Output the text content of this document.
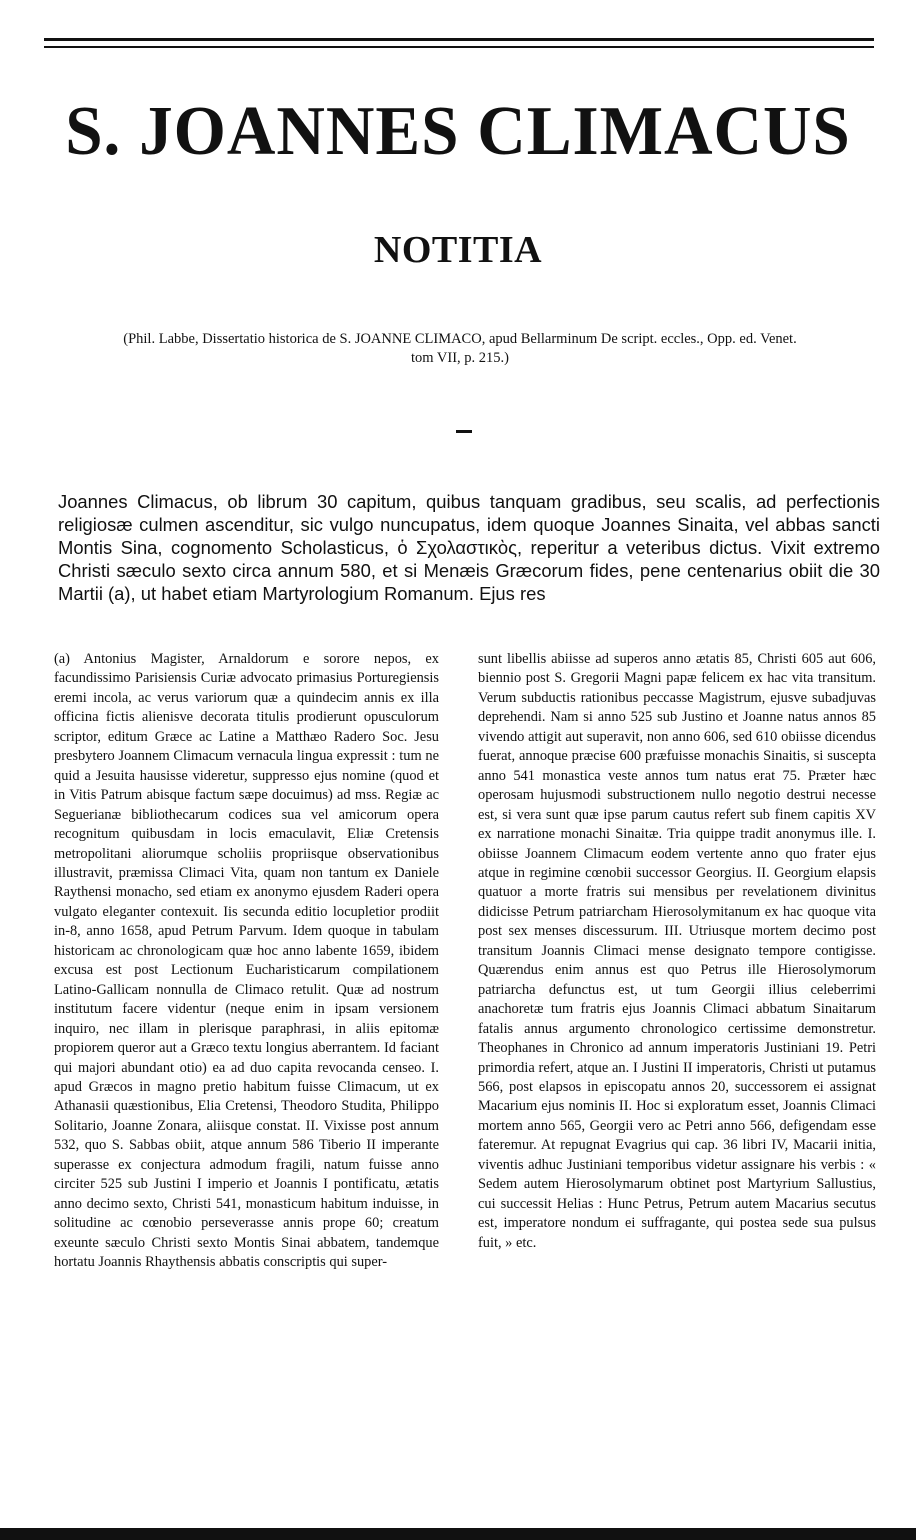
S. JOANNES CLIMACUS
NOTITIA
(Phil. Labbe, Dissertatio historica de S. JOANNE CLIMACO, apud Bellarminum De script. eccles., Opp. ed. Venet.
tom VII, p. 215.)

Joannes Climacus, ob librum 30 capitum, quibus tanquam gradibus, seu scalis, ad perfectionis religiosæ culmen ascenditur, sic vulgo nuncupatus, idem quoque Joannes Sinaita, vel abbas sancti Montis Sina, cognomento Scholasticus, ὁ Σχολαστικὸς, reperitur a veteribus dictus. Vixit extremo Christi sæculo sexto circa annum 580, et si Menæis Græcorum fides, pene centenarius obiit die 30 Martii (a), ut habet etiam Martyrologium Romanum. Ejus res

(a) Antonius Magister, Arnaldorum e sorore nepos, ex facundissimo Parisiensis Curiæ advocato primasius Porturegiensis eremi incola, ac verus variorum quæ a quindecim annis ex illa officina fictis alienisve decorata titulis prodierunt opusculorum scriptor, editum Græce ac Latine a Matthæo Radero Soc. Jesu presbytero Joannem Climacum vernacula lingua expressit : tum ne quid a Jesuita hausisse videretur, suppresso ejus nomine (quod et in Vitis Patrum abisque factum sæpe docuimus) ad mss. Regiæ ac Seguerianæ bibliothecarum codices sua vel amicorum opera recognitum quibusdam in locis emaculavit, Eliæ Cretensis metropolitani aliorumque scholiis propriisque observationibus illustravit, præmissa Climaci Vita, quam non tantum ex Daniele Raythensi monacho, sed etiam ex anonymo ejusdem Raderi opera vulgato eleganter contexuit. Iis secunda editio locupletior prodiit in-8, anno 1658, apud Petrum Parvum. Idem quoque in tabulam historicam ac chronologicam quæ hoc anno labente 1659, ibidem excusa est post Lectionum Eucharisticarum compilationem Latino-Gallicam nonnulla de Climaco retulit. Quæ ad nostrum institutum facere videntur (neque enim in ipsam versionem inquiro, nec illam in plerisque paraphrasi, in aliis epitomæ propiorem queror aut a Græco textu longius aberrantem. Id faciant qui majori abundant otio) ea ad duo capita revocanda censeo. I. apud Græcos in magno pretio habitum fuisse Climacum, ut ex Athanasii quæstionibus, Elia Cretensi, Theodoro Studita, Philippo Solitario, Joanne Zonara, aliisque constat. II. Vixisse post annum 532, quo S. Sabbas obiit, atque annum 586 Tiberio II imperante superasse ex conjectura admodum fragili, natum fuisse anno circiter 525 sub Justini I imperio et Joannis I pontificatu, ætatis anno decimo sexto, Christi 541, monasticum habitum induisse, in solitudine ac cœnobio perseverasse annis prope 60; creatum exeunte sæculo Christi sexto Montis Sinai abbatem, tandemque hortatu Joannis Rhaythensis abbatis conscriptis qui super-

sunt libellis abiisse ad superos anno ætatis 85, Christi 605 aut 606, biennio post S. Gregorii Magni papæ felicem ex hac vita transitum. Verum subductis rationibus peccasse Magistrum, ejusve subadjuvas deprehendi. Nam si anno 525 sub Justino et Joanne natus annos 85 vivendo attigit aut superavit, non anno 606, sed 610 obiisse dicendus fuerat, annoque præcise 600 præfuisse monachis Sinaitis, si suscepta anno 541 monastica veste annos tum natus erat 75. Præter hæc operosam hujusmodi substructionem nullo negotio destrui necesse est, si vera sunt quæ ipse parum cautus refert sub finem capitis XV ex narratione monachi Sinaitæ. Tria quippe tradit anonymus ille. I. obiisse Joannem Climacum eodem vertente anno quo frater ejus atque in regimine cœnobii successor Georgius. II. Georgium elapsis quatuor a morte fratris sui mensibus per revelationem divinitus didicisse Petrum patriarcham Hierosolymitanum ex hac quoque vita post sex menses discessurum. III. Utriusque mortem decimo post transitum Joannis Climaci mense designato tempore contigisse. Quærendus enim annus est quo Petrus ille Hierosolymorum patriarcha defunctus est, ut tum Georgii illius celeberrimi anachoretæ tum fratris ejus Joannis Climaci abbatum Sinaitarum fatalis annus argumento chronologico certissime demonstretur. Theophanes in Chronico ad annum imperatoris Justiniani 19. Petri primordia refert, atque an. I Justini II imperatoris, Christi ut putamus 566, post elapsos in episcopatu annos 20, successorem ei assignat Macarium ejus nominis II. Hoc si exploratum esset, Joannis Climaci mortem anno 565, Georgii vero ac Petri anno 566, defigendam esse fateremur. At repugnat Evagrius qui cap. 36 libri IV, Macarii initia, viventis adhuc Justiniani temporibus videtur assignare his verbis : « Sedem autem Hierosolymarum obtinet post Martyrium Sallustius, cui successit Helias : Hunc Petrus, Petrum autem Macarius secutus est, imperatore nondum ei suffragante, qui postea sede sua pulsus fuit, » etc.
